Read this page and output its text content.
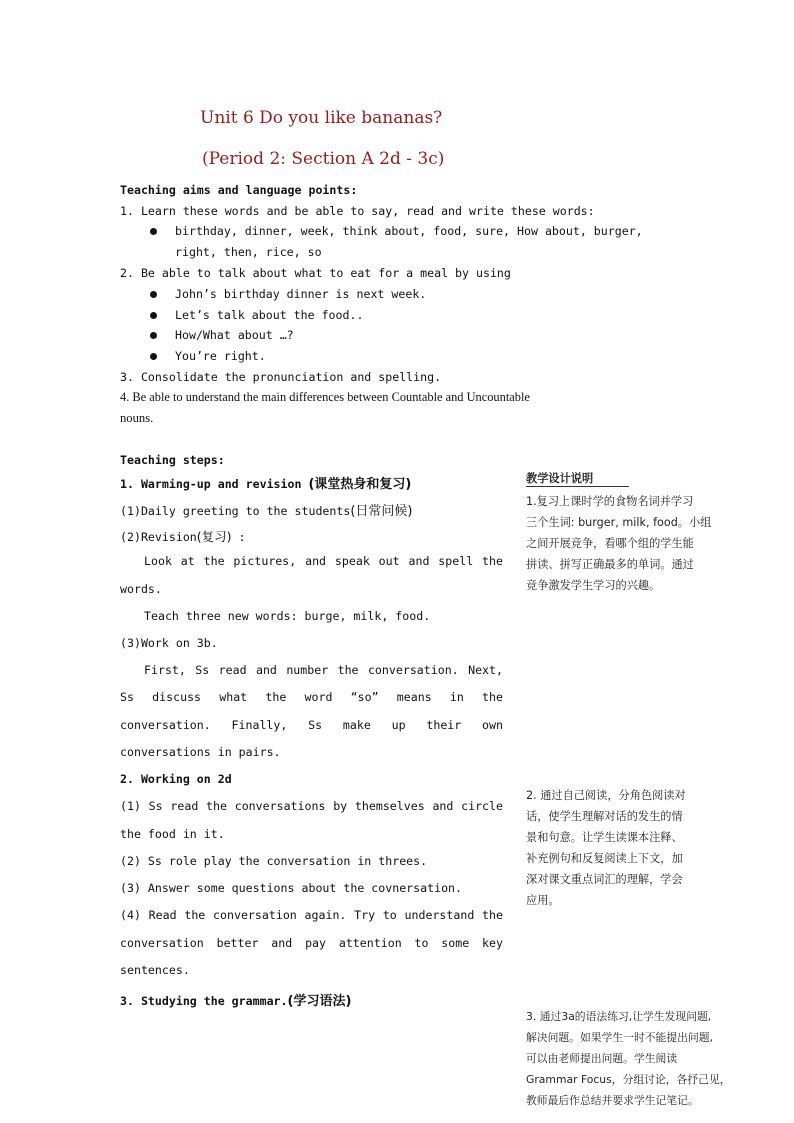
Unit 6 Do you like bananas?
(Period 2: Section A 2d - 3c)
Teaching aims and language points:
1. Learn these words and be able to say, read and write these words:
birthday, dinner, week, think about, food, sure, How about, burger,
right, then, rice, so
2. Be able to talk about what to eat for a meal by using
John’s birthday dinner is next week.
Let’s talk about the food..
How/What about …?
You’re right.
3. Consolidate the pronunciation and spelling.
4. Be able to understand the main differences between Countable and Uncountable
nouns.
Teaching steps:
1. Warming-up and revision (课堂热身和复习)
(1)Daily greeting to the students(日常问候)
(2)Revision(复习) :
Look at the pictures, and speak out and spell the
words.
Teach three new words: burge, milk, food.
(3)Work on 3b.
First, Ss read and number the conversation. Next,
Ss discuss what the word “so” means in the
conversation. Finally, Ss make up their own
conversations in pairs.
2. Working on 2d
(1) Ss read the conversations by themselves and circle
the food in it.
(2) Ss role play the conversation in threes.
(3) Answer some questions about the covnersation.
(4) Read the conversation again. Try to understand the
conversation better and pay attention to some key
sentences.
3. Studying the grammar.(学习语法)
教学设计说明
1.复习上课时学的食物名词并学习
三个生词: burger, milk, food。小组
之间开展竞争，看哪个组的学生能
拼读、拼写正确最多的单词。通过
竞争激发学生学习的兴趣。
2. 通过自己阅读，分角色阅读对
话，使学生理解对话的发生的情
景和句意。让学生读课本注释、
补充例句和反复阅读上下文，加
深对课文重点词汇的理解，学会
应用。
3. 通过3a的语法练习,让学生发现问题,
解决问题。如果学生一时不能提出问题,
可以由老师提出问题。学生阅读
Grammar Focus，分组讨论，各抒己见，
教师最后作总结并要求学生记笔记。
